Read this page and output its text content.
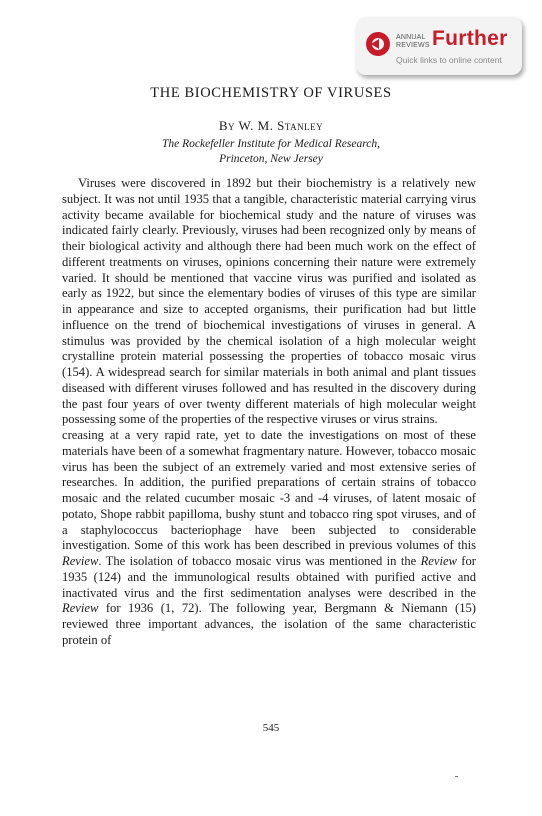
ANNUAL REVIEWS Further
Quick links to online content
THE BIOCHEMISTRY OF VIRUSES
By W. M. Stanley
The Rockefeller Institute for Medical Research,
Princeton, New Jersey

Viruses were discovered in 1892 but their biochemistry is a relatively new subject. It was not until 1935 that a tangible, characteristic material carrying virus activity became available for biochemical study and the nature of viruses was indicated fairly clearly. Previously, viruses had been recognized only by means of their biological activity and although there had been much work on the effect of different treatments on viruses, opinions concerning their nature were extremely varied. It should be mentioned that vaccine virus was purified and isolated as early as 1922, but since the elementary bodies of viruses of this type are similar in appearance and size to accepted organisms, their purification had but little influence on the trend of biochemical investigations of viruses in general. A stimulus was provided by the chemical isolation of a high molecular weight crystalline protein material possessing the properties of tobacco mosaic virus (154). A widespread search for similar materials in both animal and plant tissues diseased with different viruses followed and has resulted in the discovery during the past four years of over twenty different materials of high molecular weight possessing some of the properties of the respective viruses or virus strains.

creasing at a very rapid rate, yet to date the investigations on most of these materials have been of a somewhat fragmentary nature. However, tobacco mosaic virus has been the subject of an extremely varied and most extensive series of researches. In addition, the purified preparations of certain strains of tobacco mosaic and the related cucumber mosaic -3 and -4 viruses, of latent mosaic of potato, Shope rabbit papilloma, bushy stunt and tobacco ring spot viruses, and of a staphylococcus bacteriophage have been subjected to considerable investigation. Some of this work has been described in previous volumes of this Review. The isolation of tobacco mosaic virus was mentioned in the Review for 1935 (124) and the immunological results obtained with purified active and inactivated virus and the first sedimentation analyses were described in the Review for 1936 (1, 72). The following year, Bergmann & Niemann (15) reviewed three important advances, the isolation of the same characteristic protein of

545
